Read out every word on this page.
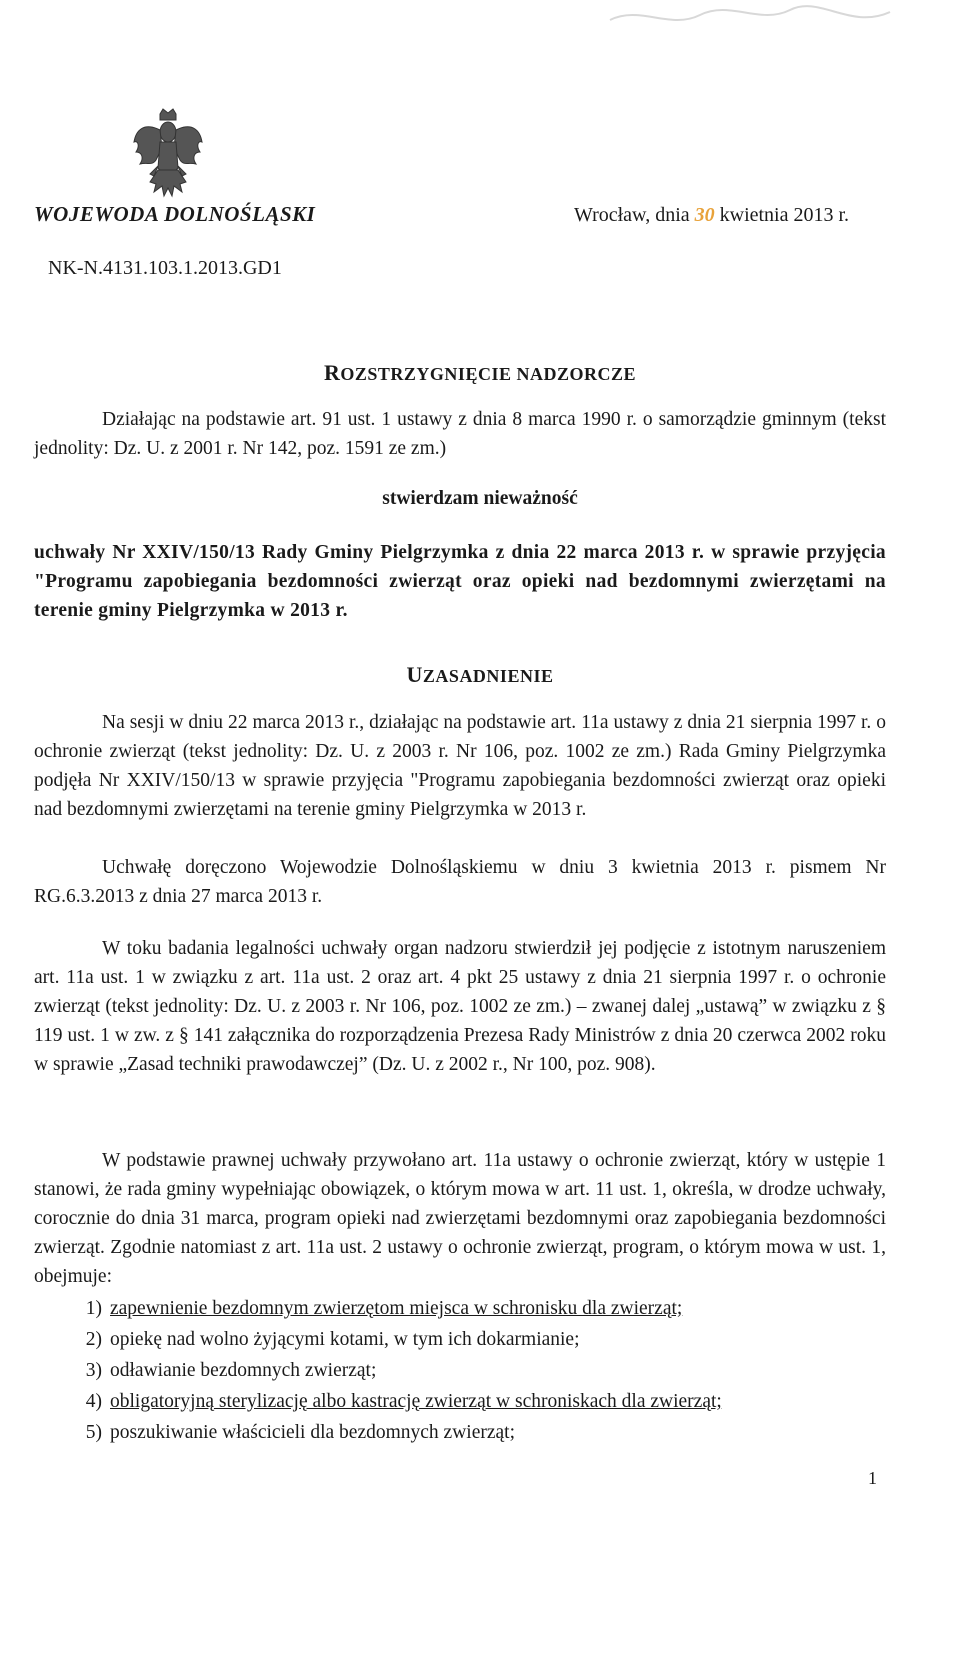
WOJEWODA DOLNOŚLĄSKI	Wrocław, dnia 30 kwietnia 2013 r.
NK-N.4131.103.1.2013.GD1
ROZSTRZYGNIĘCIE NADZORCZE
Działając na podstawie art. 91 ust. 1 ustawy z dnia 8 marca 1990 r. o samorządzie gminnym (tekst jednolity: Dz. U. z 2001 r. Nr 142, poz. 1591 ze zm.)
stwierdzam nieważność
uchwały Nr XXIV/150/13 Rady Gminy Pielgrzymka z dnia 22 marca 2013 r. w sprawie przyjęcia "Programu zapobiegania bezdomności zwierząt oraz opieki nad bezdomnymi zwierzętami na terenie gminy Pielgrzymka w 2013 r.
UZASADNIENIE
Na sesji w dniu 22 marca 2013 r., działając na podstawie art. 11a ustawy z dnia 21 sierpnia 1997 r. o ochronie zwierząt (tekst jednolity: Dz. U. z 2003 r. Nr 106, poz. 1002 ze zm.) Rada Gminy Pielgrzymka podjęła Nr XXIV/150/13 w sprawie przyjęcia "Programu zapobiegania bezdomności zwierząt oraz opieki nad bezdomnymi zwierzętami na terenie gminy Pielgrzymka w 2013 r.
Uchwałę doręczono Wojewodzie Dolnośląskiemu w dniu 3 kwietnia 2013 r. pismem Nr RG.6.3.2013 z dnia 27 marca 2013 r.
W toku badania legalności uchwały organ nadzoru stwierdził jej podjęcie z istotnym naruszeniem art. 11a ust. 1 w związku z art. 11a ust. 2 oraz art. 4 pkt 25 ustawy z dnia 21 sierpnia 1997 r. o ochronie zwierząt (tekst jednolity: Dz. U. z 2003 r. Nr 106, poz. 1002 ze zm.) – zwanej dalej „ustawą” w związku z § 119 ust. 1 w zw. z § 141 załącznika do rozporządzenia Prezesa Rady Ministrów z dnia 20 czerwca 2002 roku w sprawie „Zasad techniki prawodawczej” (Dz. U. z 2002 r., Nr 100, poz. 908).
W podstawie prawnej uchwały przywołano art. 11a ustawy o ochronie zwierząt, który w ustępie 1 stanowi, że rada gminy wypełniając obowiązek, o którym mowa w art. 11 ust. 1, określa, w drodze uchwały, corocznie do dnia 31 marca, program opieki nad zwierzętami bezdomnymi oraz zapobiegania bezdomności zwierząt. Zgodnie natomiast z art. 11a ust. 2 ustawy o ochronie zwierząt, program, o którym mowa w ust. 1, obejmuje:
1) zapewnienie bezdomnym zwierzętom miejsca w schronisku dla zwierząt;
2) opiekę nad wolno żyjącymi kotami, w tym ich dokarmianie;
3) odławianie bezdomnych zwierząt;
4) obligatoryjną sterylizację albo kastrację zwierząt w schroniskach dla zwierząt;
5) poszukiwanie właścicieli dla bezdomnych zwierząt;
1
